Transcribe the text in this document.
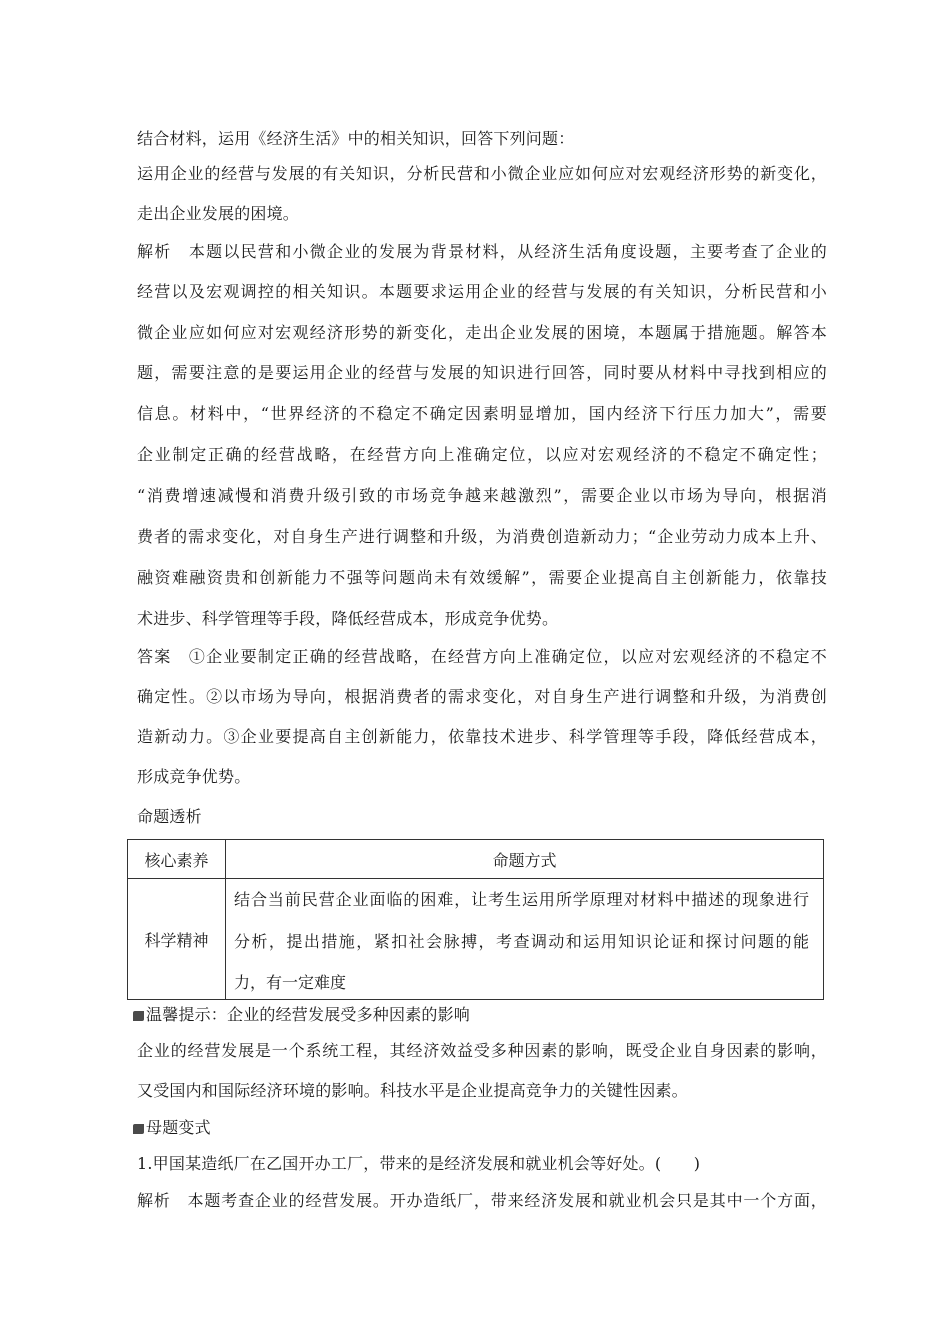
结合材料，运用《经济生活》中的相关知识，回答下列问题：
运用企业的经营与发展的有关知识，分析民营和小微企业应如何应对宏观经济形势的新变化，
走出企业发展的困境。
解析　本题以民营和小微企业的发展为背景材料，从经济生活角度设题，主要考查了企业的
经营以及宏观调控的相关知识。本题要求运用企业的经营与发展的有关知识，分析民营和小
微企业应如何应对宏观经济形势的新变化，走出企业发展的困境，本题属于措施题。解答本
题，需要注意的是要运用企业的经营与发展的知识进行回答，同时要从材料中寻找到相应的
信息。材料中，“世界经济的不稳定不确定因素明显增加，国内经济下行压力加大”，需要
企业制定正确的经营战略，在经营方向上准确定位，以应对宏观经济的不稳定不确定性；
“消费增速减慢和消费升级引致的市场竞争越来越激烈”，需要企业以市场为导向，根据消
费者的需求变化，对自身生产进行调整和升级，为消费创造新动力；“企业劳动力成本上升、
融资难融资贵和创新能力不强等问题尚未有效缓解”，需要企业提高自主创新能力，依靠技
术进步、科学管理等手段，降低经营成本，形成竞争优势。
答案　①企业要制定正确的经营战略，在经营方向上准确定位，以应对宏观经济的不稳定不
确定性。②以市场为导向，根据消费者的需求变化，对自身生产进行调整和升级，为消费创
造新动力。③企业要提高自主创新能力，依靠技术进步、科学管理等手段，降低经营成本，
形成竞争优势。
命题透析
核心素养	命题方式
科学精神	结合当前民营企业面临的困难，让考生运用所学原理对材料中描述的现象进行
分析，提出措施，紧扣社会脉搏，考查调动和运用知识论证和探讨问题的能
力，有一定难度
温馨提示：企业的经营发展受多种因素的影响
企业的经营发展是一个系统工程，其经济效益受多种因素的影响，既受企业自身因素的影响，
又受国内和国际经济环境的影响。科技水平是企业提高竞争力的关键性因素。
母题变式
1.甲国某造纸厂在乙国开办工厂，带来的是经济发展和就业机会等好处。(　　)
解析　本题考查企业的经营发展。开办造纸厂，带来经济发展和就业机会只是其中一个方面，
